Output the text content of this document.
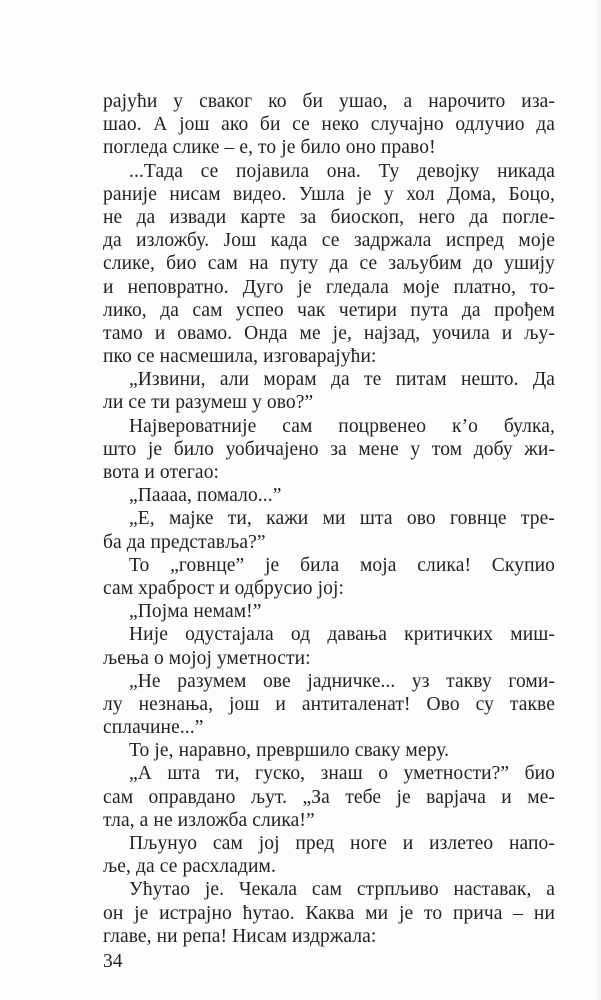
рајући у сваког ко би ушао, а нарочито иза-
шао. А још ако би се неко случајно одлучио да
погледа слике – е, то је било оно право!
...Тада се појавила она. Ту девојку никада
раније нисам видео. Ушла је у хол Дома, Боцо,
не да извади карте за биоскоп, него да погле-
да изложбу. Још када се задржала испред моје
слике, био сам на путу да се заљубим до ушију
и неповратно. Дуго је гледала моје платно, то-
лико, да сам успео чак четири пута да прођем
тамо и овамо. Онда ме је, најзад, уочила и љу-
пко се насмешила, изговарајући:
„Извини, али морам да те питам нешто. Да
ли се ти разумеш у ово?”
Највероватније сам поцрвенео к’о булка,
што је било уобичајено за мене у том добу жи-
вота и отегао:
„Пaaaa, помало...”
„Е, мајке ти, кажи ми шта ово говнце тре-
ба да представља?”
То „говнце” је била моја слика! Скупио
сам храброст и одбрусио јој:
„Појма немам!”
Није одустајала од давања критичких миш-
љења о мојој уметности:
„Не разумем ове јадничке... уз такву гоми-
лу незнања, још и антиталенат! Ово су такве
сплачине...”
То је, наравно, превршило сваку меру.
„А шта ти, гуско, знаш о уметности?” био
сам оправдано љут. „За тебе је варјача и ме-
тла, а не изложба слика!”
Пљунуо сам јој пред ноге и излетео напо-
ље, да се расхладим.
Ућутао је. Чекала сам стрпљиво наставак, а
он је истрајно ћутао. Каква ми је то прича – ни
главе, ни репа! Нисам издржала:
34
